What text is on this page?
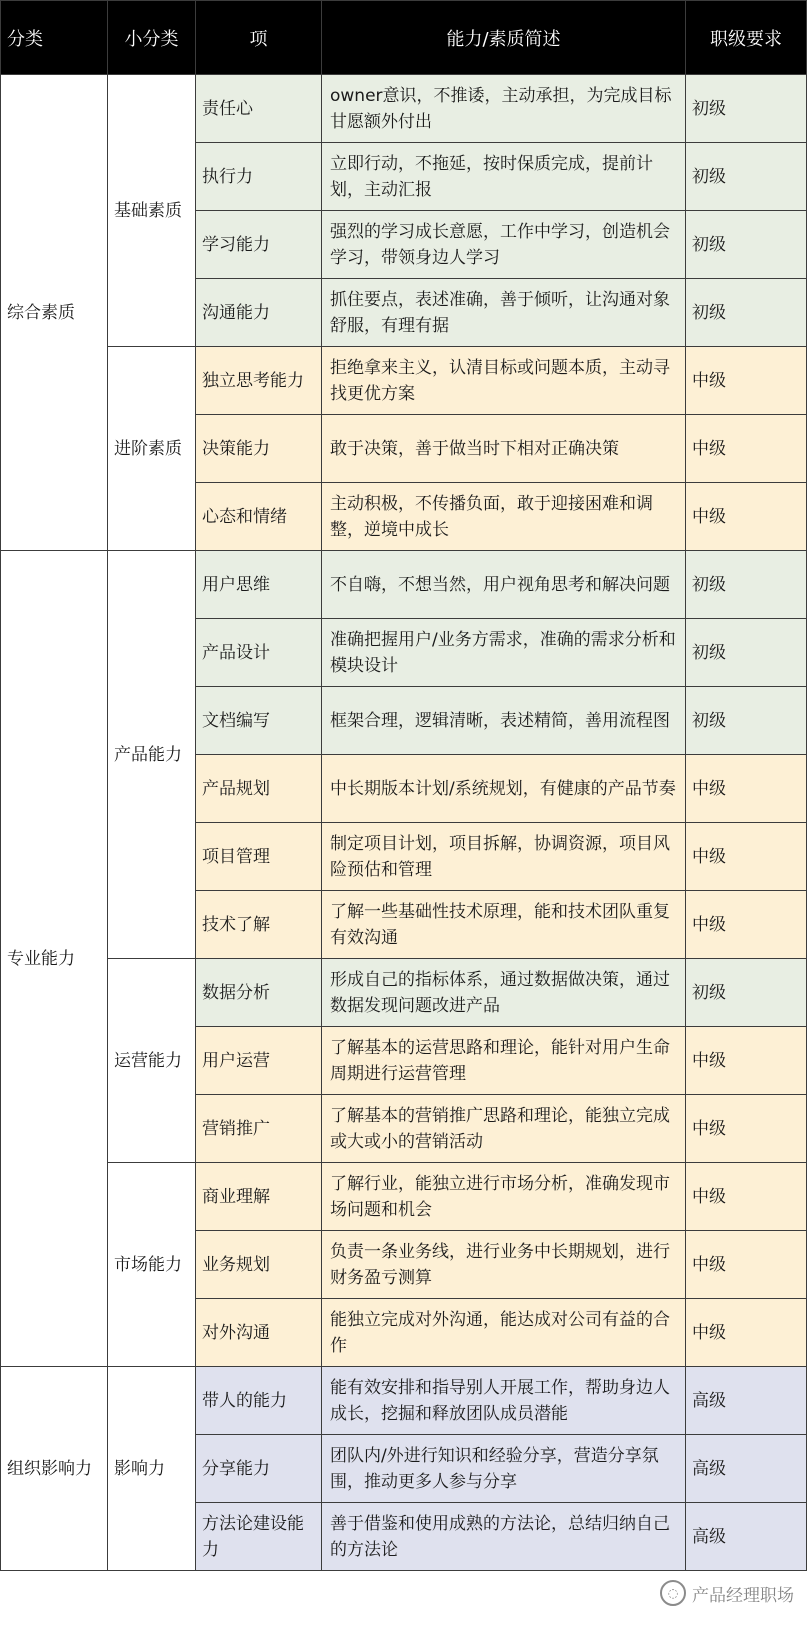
分类	小分类	项	能力/素质简述	职级要求
综合素质	基础素质	责任心	owner意识，不推诿，主动承担，为完成目标甘愿额外付出	初级
		执行力	立即行动，不拖延，按时保质完成，提前计划，主动汇报	初级
		学习能力	强烈的学习成长意愿，工作中学习，创造机会学习，带领身边人学习	初级
		沟通能力	抓住要点，表述准确，善于倾听，让沟通对象舒服，有理有据	初级
	进阶素质	独立思考能力	拒绝拿来主义，认清目标或问题本质，主动寻找更优方案	中级
		决策能力	敢于决策，善于做当时下相对正确决策	中级
		心态和情绪	主动积极，不传播负面，敢于迎接困难和调整，逆境中成长	中级
专业能力	产品能力	用户思维	不自嗨，不想当然，用户视角思考和解决问题	初级
		产品设计	准确把握用户/业务方需求，准确的需求分析和模块设计	初级
		文档编写	框架合理，逻辑清晰，表述精简，善用流程图	初级
		产品规划	中长期版本计划/系统规划，有健康的产品节奏	中级
		项目管理	制定项目计划，项目拆解，协调资源，项目风险预估和管理	中级
		技术了解	了解一些基础性技术原理，能和技术团队重复有效沟通	中级
	运营能力	数据分析	形成自己的指标体系，通过数据做决策，通过数据发现问题改进产品	初级
		用户运营	了解基本的运营思路和理论，能针对用户生命周期进行运营管理	中级
		营销推广	了解基本的营销推广思路和理论，能独立完成或大或小的营销活动	中级
	市场能力	商业理解	了解行业，能独立进行市场分析，准确发现市场问题和机会	中级
		业务规划	负责一条业务线，进行业务中长期规划，进行财务盈亏测算	中级
		对外沟通	能独立完成对外沟通，能达成对公司有益的合作	中级
组织影响力	影响力	带人的能力	能有效安排和指导别人开展工作，帮助身边人成长，挖掘和释放团队成员潜能	高级
		分享能力	团队内/外进行知识和经验分享，营造分享氛围，推动更多人参与分享	高级
		方法论建设能力	善于借鉴和使用成熟的方法论，总结归纳自己的方法论	高级
◌ 产品经理职场
